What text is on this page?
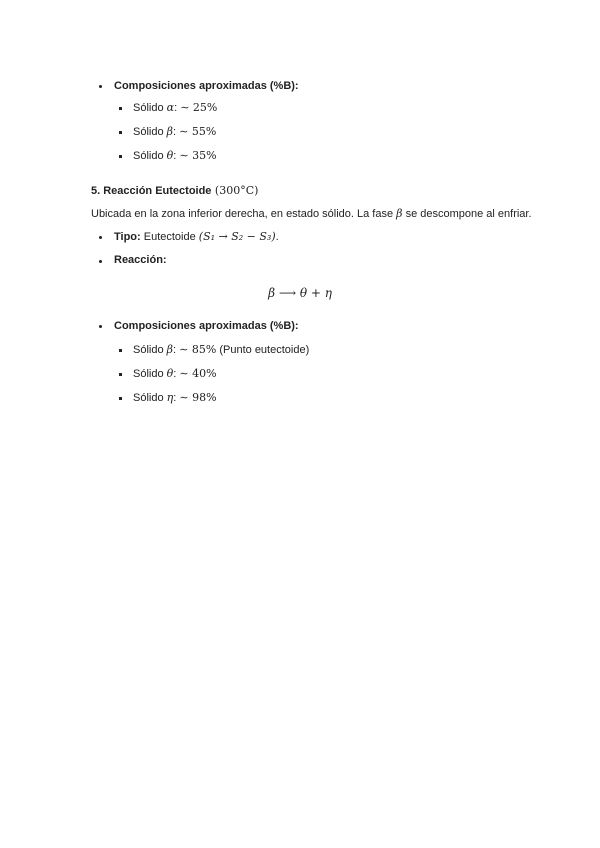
Composiciones aproximadas (%B):
Sólido α: ∼ 25%
Sólido β: ∼ 55%
Sólido θ: ∼ 35%
5. Reacción Eutectoide (300°C)
Ubicada en la zona inferior derecha, en estado sólido. La fase β se descompone al enfriar.
Tipo: Eutectoide (S₁ → S₂ − S₃).
Reacción:
β ⟶ θ + η
Composiciones aproximadas (%B):
Sólido β: ∼ 85% (Punto eutectoide)
Sólido θ: ∼ 40%
Sólido η: ∼ 98%
